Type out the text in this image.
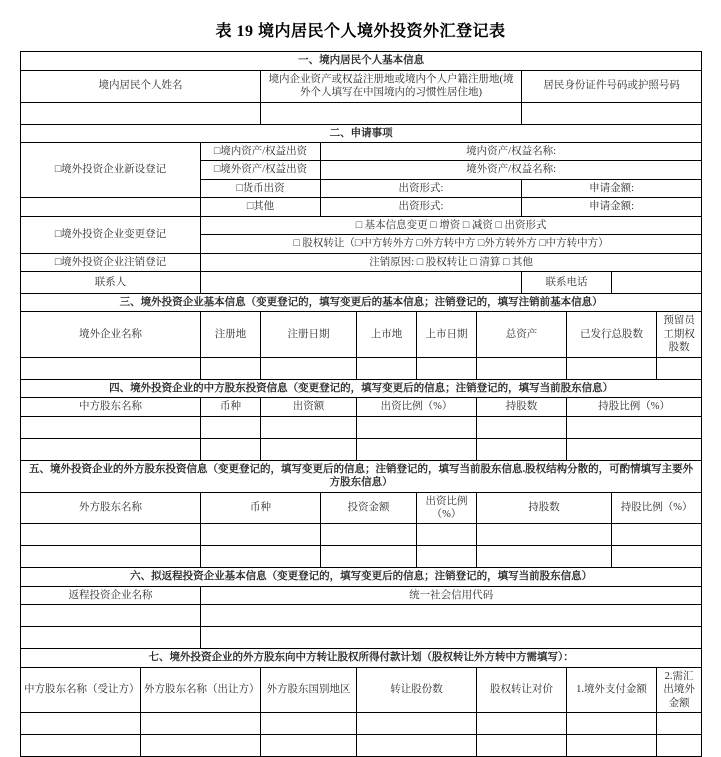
表 19 境内居民个人境外投资外汇登记表
一、境内居民个人基本信息											
境内居民个人姓名			境内企业资产或权益注册地或境内个人户籍注册地(境外个人填写在中国境内的习惯性居住地)					居民身份证件号码或护照号码			

二、申请事项											
□境外投资企业新设登记		□境内资产/权益出资		境内资产/权益名称:							
		□境外资产/权益出资		境外资产/权益名称:							
		□货币出资		出资形式:				申请金额:			
		□其他		出资形式:				申请金额:			
□境外投资企业变更登记		□ 基本信息变更 □ 增资 □ 减资 □ 出资形式									
		□ 股权转让（□中方转外方 □外方转中方 □外方转外方 □中方转中方）									
□境外投资企业注销登记		注销原因: □ 股权转让 □ 清算 □ 其他									
联系人								联系电话			
三、境外投资企业基本信息（变更登记的，填写变更后的基本信息；注销登记的，填写注销前基本信息）											
境外企业名称		注册地	注册日期		上市地	上市日期	总资产		已发行总股数		预留员工期权股数

四、境外投资企业的中方股东投资信息（变更登记的，填写变更后的信息；注销登记的，填写当前股东信息）											
中方股东名称		币种	出资额		出资比例（%）		持股数		持股比例（%）		

五、境外投资企业的外方股东投资信息（变更登记的，填写变更后的信息；注销登记的，填写当前股东信息.股权结构分散的，可酌情填写主要外方股东信息）											
外方股东名称		币种		投资金额		出资比例（%）	持股数			持股比例（%）	

六、拟返程投资企业基本信息（变更登记的，填写变更后的信息；注销登记的，填写当前股东信息）											
返程投资企业名称		统一社会信用代码									

七、境外投资企业的外方股东向中方转让股权所得付款计划（股权转让外方转中方需填写）：											
中方股东名称（受让方）	外方股东名称（出让方）		外方股东国别地区		转让股份数		股权转让对价		1.境外支付金额		2.需汇出境外金额
